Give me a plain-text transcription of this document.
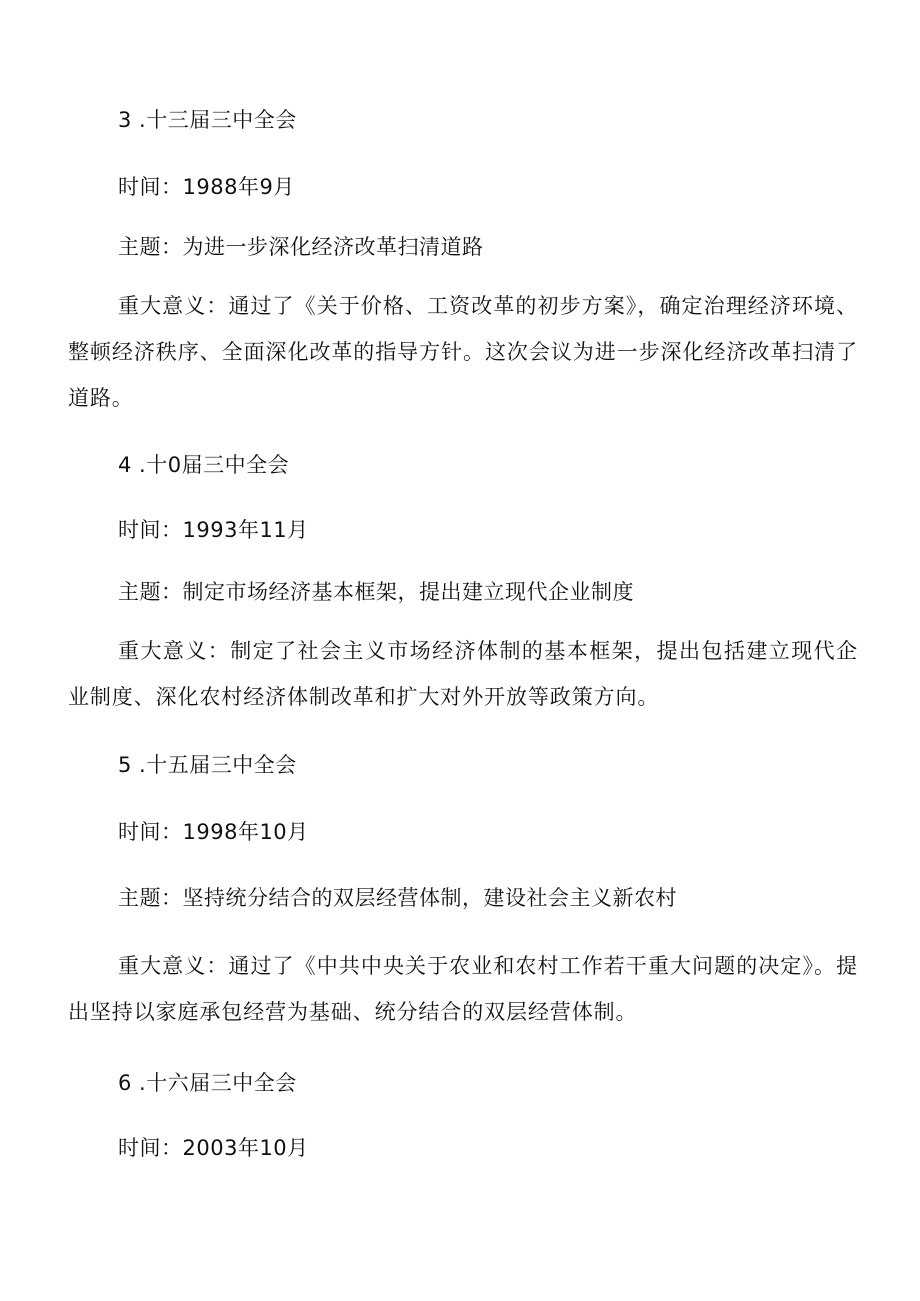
3 .十三届三中全会
时间：1988年9月
主题：为进一步深化经济改革扫清道路
重大意义：通过了《关于价格、工资改革的初步方案》，确定治理经济环境、整顿经济秩序、全面深化改革的指导方针。这次会议为进一步深化经济改革扫清了道路。
4 .十0届三中全会
时间：1993年11月
主题：制定市场经济基本框架，提出建立现代企业制度
重大意义：制定了社会主义市场经济体制的基本框架，提出包括建立现代企业制度、深化农村经济体制改革和扩大对外开放等政策方向。
5 .十五届三中全会
时间：1998年10月
主题：坚持统分结合的双层经营体制，建设社会主义新农村
重大意义：通过了《中共中央关于农业和农村工作若干重大问题的决定》。提出坚持以家庭承包经营为基础、统分结合的双层经营体制。
6 .十六届三中全会
时间：2003年10月
